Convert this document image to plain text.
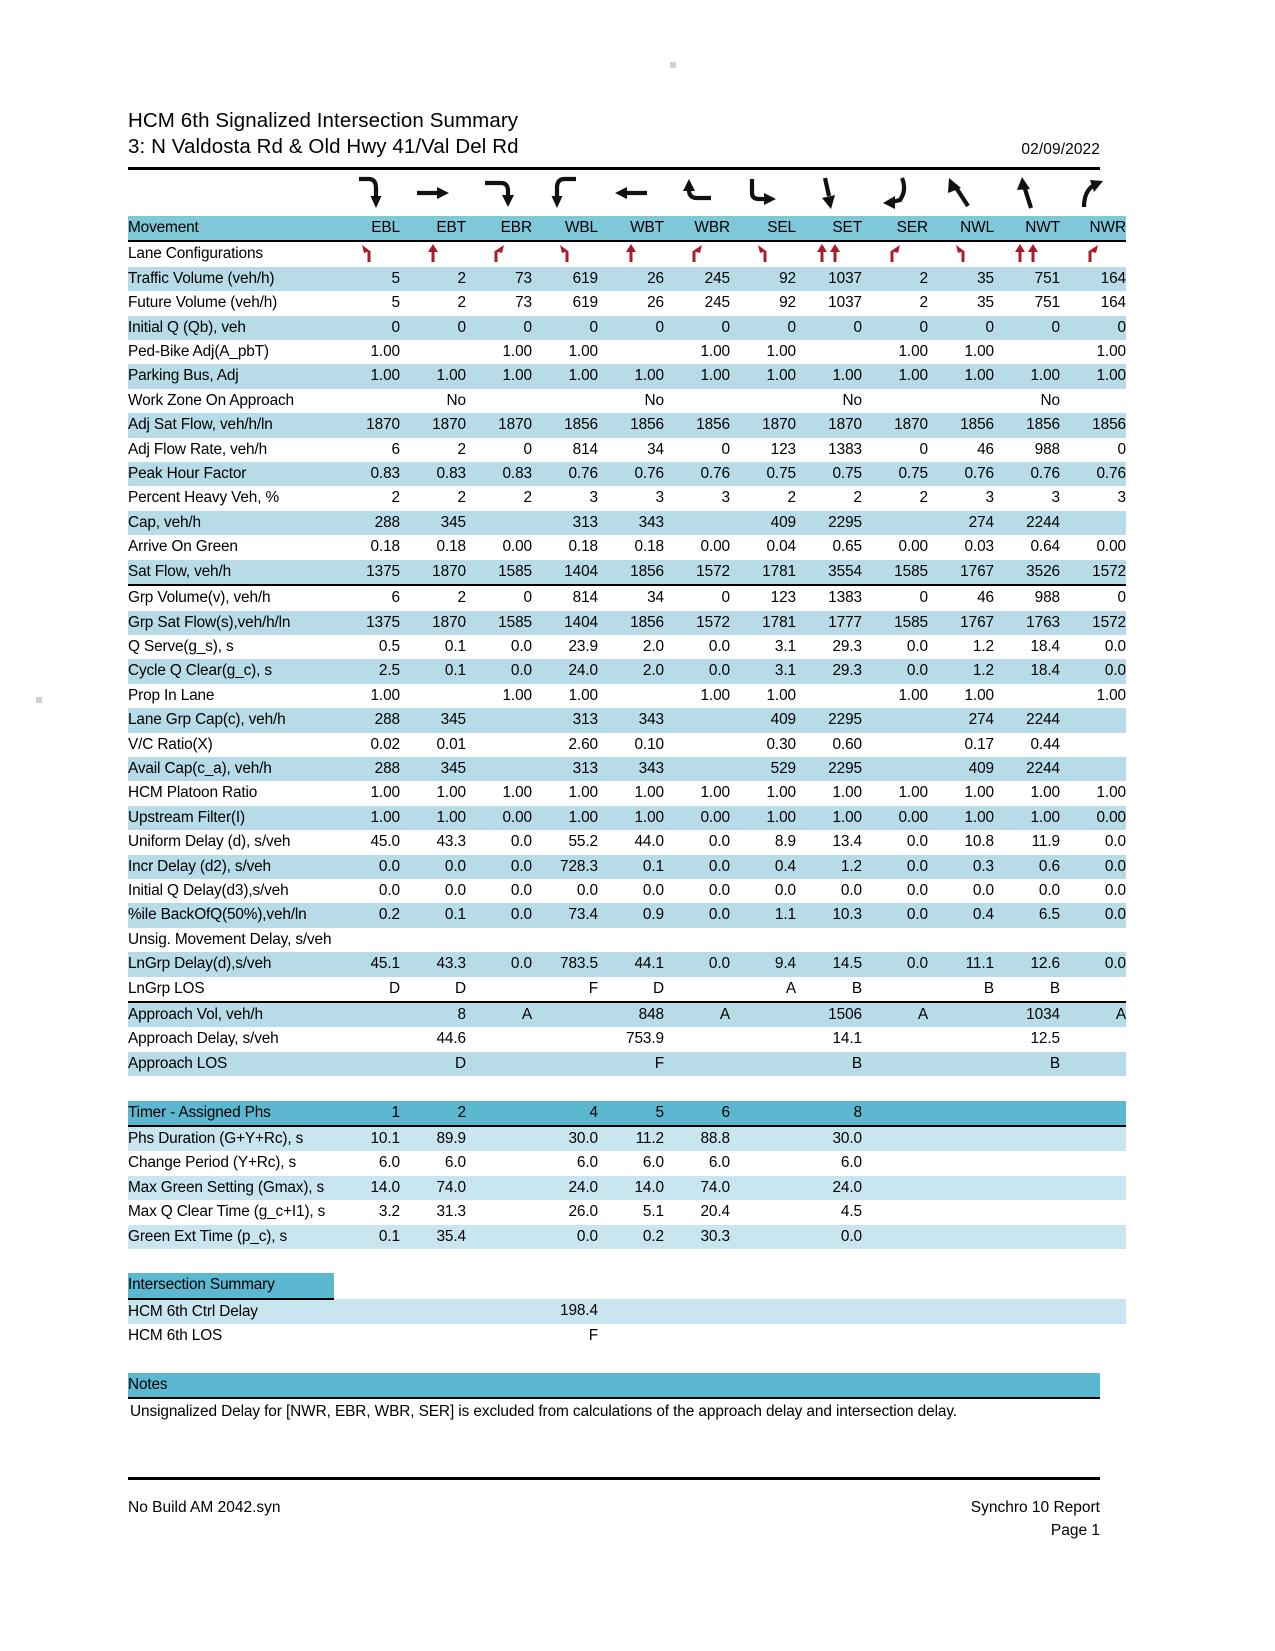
HCM 6th Signalized Intersection Summary
3: N Valdosta Rd & Old Hwy 41/Val Del Rd	02/09/2022
Movement	EBL	EBT	EBR	WBL	WBT	WBR	SEL	SET	SER	NWL	NWT	NWR
Lane Configurations												
Traffic Volume (veh/h)	5	2	73	619	26	245	92	1037	2	35	751	164
Future Volume (veh/h)	5	2	73	619	26	245	92	1037	2	35	751	164
Initial Q (Qb), veh	0	0	0	0	0	0	0	0	0	0	0	0
Ped-Bike Adj(A_pbT)	1.00		1.00	1.00		1.00	1.00		1.00	1.00		1.00
Parking Bus, Adj	1.00	1.00	1.00	1.00	1.00	1.00	1.00	1.00	1.00	1.00	1.00	1.00
Work Zone On Approach		No			No			No			No	
Adj Sat Flow, veh/h/ln	1870	1870	1870	1856	1856	1856	1870	1870	1870	1856	1856	1856
Adj Flow Rate, veh/h	6	2	0	814	34	0	123	1383	0	46	988	0
Peak Hour Factor	0.83	0.83	0.83	0.76	0.76	0.76	0.75	0.75	0.75	0.76	0.76	0.76
Percent Heavy Veh, %	2	2	2	3	3	3	2	2	2	3	3	3
Cap, veh/h	288	345		313	343		409	2295		274	2244	
Arrive On Green	0.18	0.18	0.00	0.18	0.18	0.00	0.04	0.65	0.00	0.03	0.64	0.00
Sat Flow, veh/h	1375	1870	1585	1404	1856	1572	1781	3554	1585	1767	3526	1572
Grp Volume(v), veh/h	6	2	0	814	34	0	123	1383	0	46	988	0
Grp Sat Flow(s),veh/h/ln	1375	1870	1585	1404	1856	1572	1781	1777	1585	1767	1763	1572
Q Serve(g_s), s	0.5	0.1	0.0	23.9	2.0	0.0	3.1	29.3	0.0	1.2	18.4	0.0
Cycle Q Clear(g_c), s	2.5	0.1	0.0	24.0	2.0	0.0	3.1	29.3	0.0	1.2	18.4	0.0
Prop In Lane	1.00		1.00	1.00		1.00	1.00		1.00	1.00		1.00
Lane Grp Cap(c), veh/h	288	345		313	343		409	2295		274	2244	
V/C Ratio(X)	0.02	0.01		2.60	0.10		0.30	0.60		0.17	0.44	
Avail Cap(c_a), veh/h	288	345		313	343		529	2295		409	2244	
HCM Platoon Ratio	1.00	1.00	1.00	1.00	1.00	1.00	1.00	1.00	1.00	1.00	1.00	1.00
Upstream Filter(I)	1.00	1.00	0.00	1.00	1.00	0.00	1.00	1.00	0.00	1.00	1.00	0.00
Uniform Delay (d), s/veh	45.0	43.3	0.0	55.2	44.0	0.0	8.9	13.4	0.0	10.8	11.9	0.0
Incr Delay (d2), s/veh	0.0	0.0	0.0	728.3	0.1	0.0	0.4	1.2	0.0	0.3	0.6	0.0
Initial Q Delay(d3),s/veh	0.0	0.0	0.0	0.0	0.0	0.0	0.0	0.0	0.0	0.0	0.0	0.0
%ile BackOfQ(50%),veh/ln	0.2	0.1	0.0	73.4	0.9	0.0	1.1	10.3	0.0	0.4	6.5	0.0
Unsig. Movement Delay, s/veh												
LnGrp Delay(d),s/veh	45.1	43.3	0.0	783.5	44.1	0.0	9.4	14.5	0.0	11.1	12.6	0.0
LnGrp LOS	D	D		F	D		A	B		B	B	
Approach Vol, veh/h		8	A		848	A		1506	A		1034	A
Approach Delay, s/veh		44.6			753.9			14.1			12.5	
Approach LOS		D			F			B			B	

Timer - Assigned Phs	1	2		4	5	6		8				
Phs Duration (G+Y+Rc), s	10.1	89.9		30.0	11.2	88.8		30.0				
Change Period (Y+Rc), s	6.0	6.0		6.0	6.0	6.0		6.0				
Max Green Setting (Gmax), s	14.0	74.0		24.0	14.0	74.0		24.0				
Max Q Clear Time (g_c+I1), s	3.2	31.3		26.0	5.1	20.4		4.5				
Green Ext Time (p_c), s	0.1	35.4		0.0	0.2	30.3		0.0				

Intersection Summary												
HCM 6th Ctrl Delay				198.4								
HCM 6th LOS				F								

Notes
Unsignalized Delay for [NWR, EBR, WBR, SER] is excluded from calculations of the approach delay and intersection delay.
No Build AM 2042.syn	Synchro 10 Report
Page 1
